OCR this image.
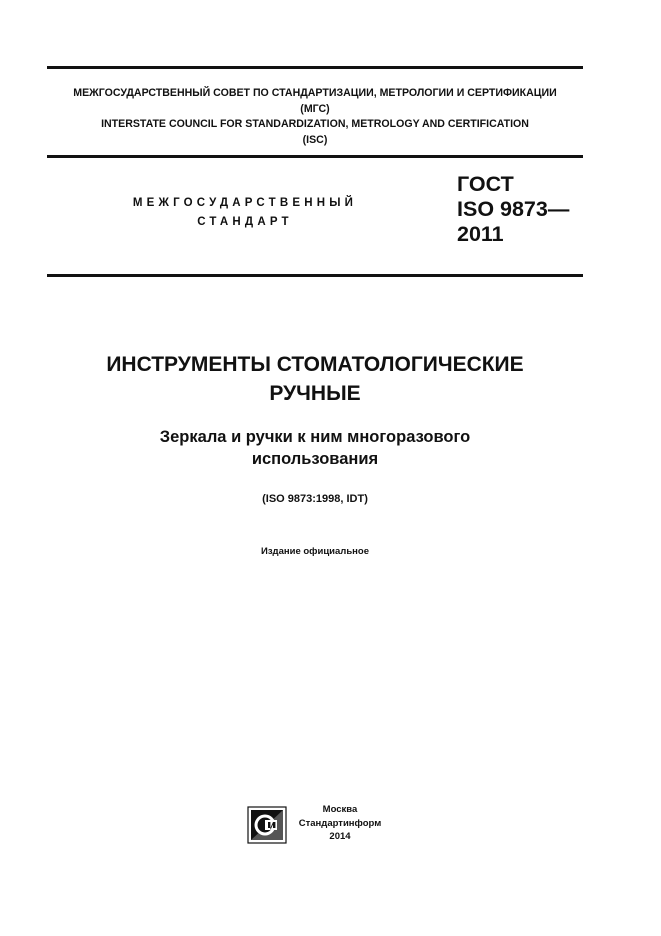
МЕЖГОСУДАРСТВЕННЫЙ СОВЕТ ПО СТАНДАРТИЗАЦИИ, МЕТРОЛОГИИ И СЕРТИФИКАЦИИ
(МГС)
INTERSTATE COUNCIL FOR STANDARDIZATION, METROLOGY AND CERTIFICATION
(ISC)
МЕЖГОСУДАРСТВЕННЫЙ
СТАНДАРТ
ГОСТ
ISO 9873—
2011
ИНСТРУМЕНТЫ СТОМАТОЛОГИЧЕСКИЕ
РУЧНЫЕ
Зеркала и ручки к ним многоразового
использования
(ISO 9873:1998, IDT)
Издание официальное
Москва
Стандартинформ
2014
